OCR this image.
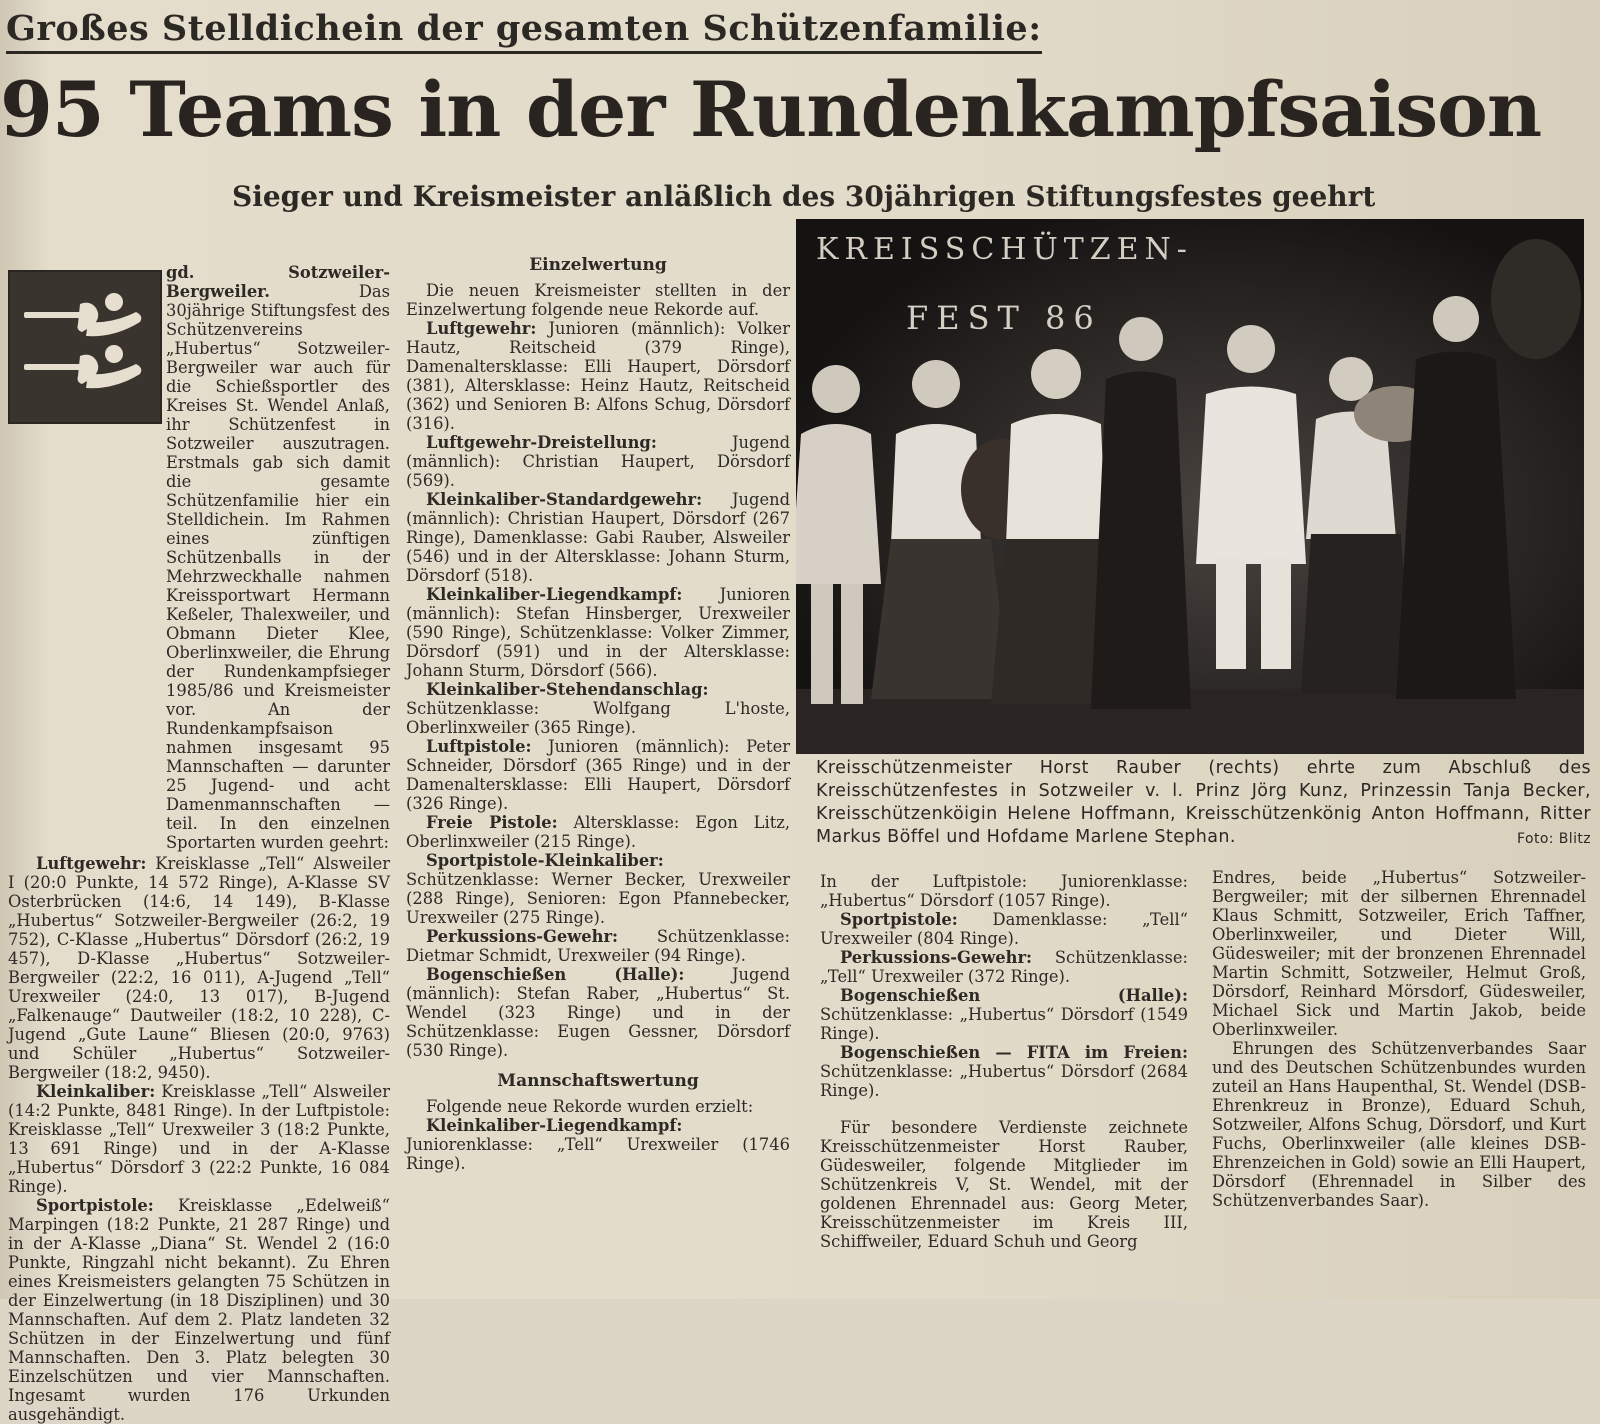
Großes Stelldichein der gesamten Schützenfamilie:
95 Teams in der Rundenkampfsaison
Sieger und Kreismeister anläßlich des 30jährigen Stiftungsfestes geehrt

gd. Sotzweiler-Bergweiler.	Das 30jährige Stiftungsfest des Schützenvereins „Hubertus“ Sotzweiler-Bergweiler war auch für die Schießsportler des Kreises St. Wendel Anlaß, ihr Schützenfest in Sotzweiler auszutragen. Erstmals gab sich damit die gesamte Schützenfamilie hier ein Stelldichein. Im Rahmen eines zünftigen Schützenballs in der Mehrzweckhalle nahmen Kreissportwart Hermann Keßeler, Thalexweiler, und Obmann Dieter Klee, Oberlinxweiler, die Ehrung der Rundenkampfsieger 1985/86 und Kreismeister vor. An der Rundenkampfsaison nahmen insgesamt 95 Mannschaften — darunter 25 Jugend- und acht Damenmannschaften — teil. In den einzelnen Sportarten wurden geehrt:

Luftgewehr: Kreisklasse „Tell“ Alsweiler I (20:0 Punkte, 14 572 Ringe), A-Klasse SV Osterbrücken (14:6, 14 149), B-Klasse „Hubertus“ Sotzweiler-Bergweiler (26:2, 19 752), C-Klasse „Hubertus“ Dörsdorf (26:2, 19 457), D-Klasse „Hubertus“ Sotzweiler-Bergweiler (22:2, 16 011), A-Jugend „Tell“ Urexweiler (24:0, 13 017), B-Jugend „Falkenauge“ Dautweiler (18:2, 10 228), C-Jugend „Gute Laune“ Bliesen (20:0, 9763) und Schüler „Hubertus“ Sotzweiler-Bergweiler (18:2, 9450).

Kleinkaliber: Kreisklasse „Tell“ Alsweiler (14:2 Punkte, 8481 Ringe). In der Luftpistole: Kreisklasse „Tell“ Urexweiler 3 (18:2 Punkte, 13 691 Ringe) und in der A-Klasse „Hubertus“ Dörsdorf 3 (22:2 Punkte, 16 084 Ringe).

Sportpistole: Kreisklasse „Edelweiß“ Marpingen (18:2 Punkte, 21 287 Ringe) und in der A-Klasse „Diana“ St. Wendel 2 (16:0 Punkte, Ringzahl nicht bekannt). Zu Ehren eines Kreismeisters gelangten 75 Schützen in der Einzelwertung (in 18 Disziplinen) und 30 Mannschaften. Auf dem 2. Platz landeten 32 Schützen in der Einzelwertung und fünf Mannschaften. Den 3. Platz belegten 30 Einzelschützen und vier Mannschaften. Ingesamt wurden 176 Urkunden ausgehändigt.

Einzelwertung

Die neuen Kreismeister stellten in der Einzelwertung folgende neue Rekorde auf.

Luftgewehr: Junioren (männlich): Volker Hautz, Reitscheid (379 Ringe), Damenaltersklasse: Elli Haupert, Dörsdorf (381), Altersklasse: Heinz Hautz, Reitscheid (362) und Senioren B: Alfons Schug, Dörsdorf (316).

Luftgewehr-Dreistellung:	Jugend (männlich): Christian Haupert, Dörsdorf (569).

Kleinkaliber-Standardgewehr: Jugend (männlich): Christian Haupert, Dörsdorf (267 Ringe), Damenklasse: Gabi Rauber, Alsweiler (546) und in der Altersklasse: Johann Sturm, Dörsdorf (518).

Kleinkaliber-Liegendkampf: Junioren (männlich): Stefan Hinsberger, Urexweiler (590 Ringe), Schützenklasse: Volker Zimmer, Dörsdorf (591) und in der Altersklasse: Johann Sturm, Dörsdorf (566).

Kleinkaliber-Stehendanschlag: Schützenklasse: Wolfgang L'hoste, Oberlinxweiler (365 Ringe).

Luftpistole: Junioren (männlich): Peter Schneider, Dörsdorf (365 Ringe) und in der Damenaltersklasse: Elli Haupert, Dörsdorf (326 Ringe).

Freie Pistole: Altersklasse: Egon Litz, Oberlinxweiler (215 Ringe).

Sportpistole-Kleinkaliber: Schützenklasse: Werner Becker, Urexweiler (288 Ringe), Senioren: Egon Pfannebecker, Urexweiler (275 Ringe).

Perkussions-Gewehr: Schützenklasse: Dietmar Schmidt, Urexweiler (94 Ringe).

Bogenschießen (Halle):	Jugend (männlich): Stefan Raber, „Hubertus“ St. Wendel (323 Ringe) und in der Schützenklasse: Eugen Gessner, Dörsdorf (530 Ringe).

Mannschaftswertung

Folgende neue Rekorde wurden erzielt:

Kleinkaliber-Liegendkampf: Juniorenklasse: „Tell“ Urexweiler (1746 Ringe).

KREISSCHÜTZEN-
FEST 86
Kreisschützenmeister Horst Rauber (rechts) ehrte zum Abschluß des Kreisschützenfestes in Sotzweiler v. l. Prinz Jörg Kunz, Prinzessin Tanja Becker, Kreisschützenköigin Helene Hoffmann, Kreisschützenkönig Anton Hoffmann, Ritter Markus Böffel und Hofdame Marlene Stephan.	Foto: Blitz

In der Luftpistole: Juniorenklasse: „Hubertus“ Dörsdorf (1057 Ringe).

Sportpistole: Damenklasse: „Tell“ Urexweiler (804 Ringe).

Perkussions-Gewehr: Schützenklasse: „Tell“ Urexweiler (372 Ringe).

Bogenschießen (Halle): Schützenklasse: „Hubertus“ Dörsdorf (1549 Ringe).

Bogenschießen — FITA im Freien: Schützenklasse: „Hubertus“ Dörsdorf (2684 Ringe).

Für besondere Verdienste zeichnete Kreisschützenmeister Horst Rauber, Güdesweiler, folgende Mitglieder im Schützenkreis V, St. Wendel, mit der goldenen Ehrennadel aus: Georg Meter, Kreisschützenmeister im Kreis III, Schiffweiler, Eduard Schuh und Georg

Endres, beide „Hubertus“ Sotzweiler-Bergweiler; mit der silbernen Ehrennadel Klaus Schmitt, Sotzweiler, Erich Taffner, Oberlinxweiler, und Dieter Will, Güdesweiler; mit der bronzenen Ehrennadel Martin Schmitt, Sotzweiler, Helmut Groß, Dörsdorf, Reinhard Mörsdorf, Güdesweiler, Michael Sick und Martin Jakob, beide Oberlinxweiler.

Ehrungen des Schützenverbandes Saar und des Deutschen Schützenbundes wurden zuteil an Hans Haupenthal, St. Wendel (DSB-Ehrenkreuz in Bronze), Eduard Schuh, Sotzweiler, Alfons Schug, Dörsdorf, und Kurt Fuchs, Oberlinxweiler (alle kleines DSB-Ehrenzeichen in Gold) sowie an Elli Haupert, Dörsdorf (Ehrennadel in Silber des Schützenverbandes Saar).
